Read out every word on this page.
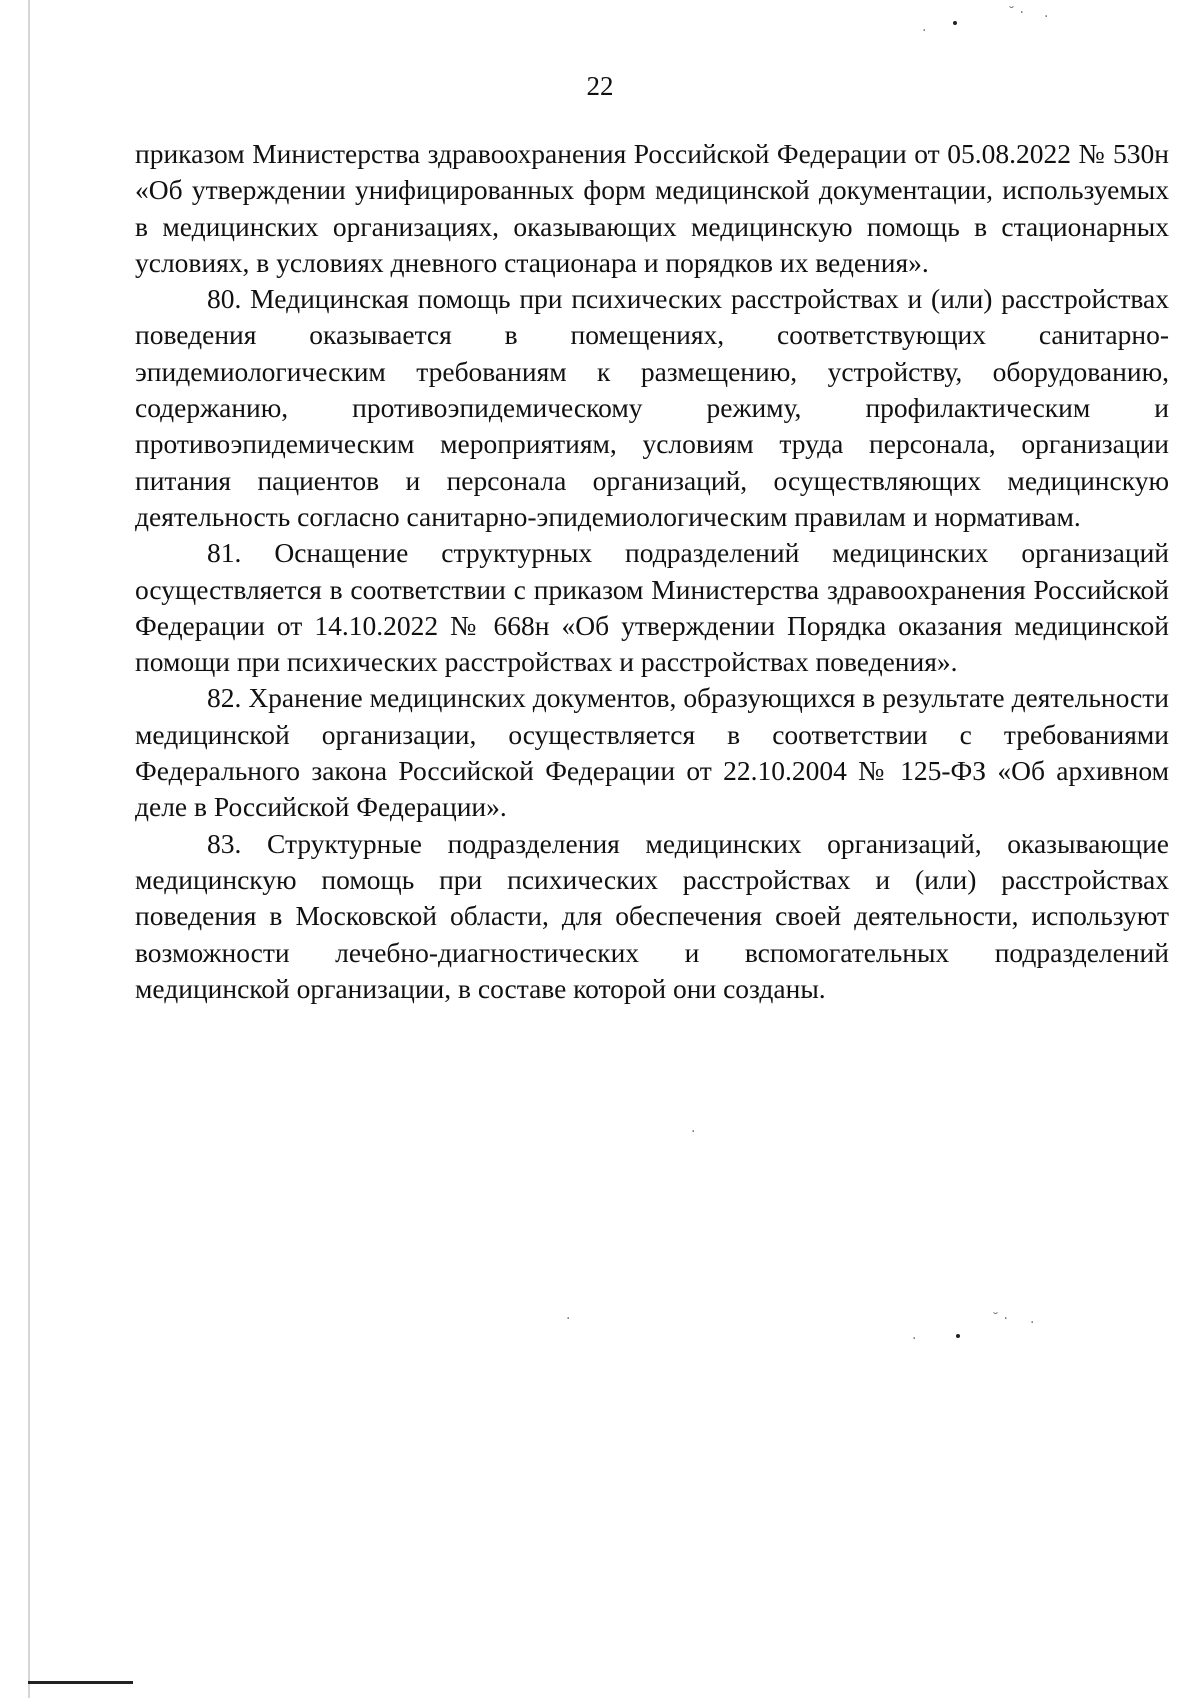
·
˘ · ·
·
˘ · ·
·
·
22

приказом Министерства здравоохранения Российской Федерации от 05.08.2022 № 530н «Об утверждении унифицированных форм медицинской документации, используемых в медицинских организациях, оказывающих медицинскую помощь в стационарных условиях, в условиях дневного стационара и порядков их ведения».

80. Медицинская помощь при психических расстройствах и (или) расстройствах поведения оказывается в помещениях, соответствующих санитарно-эпидемиологическим требованиям к размещению, устройству, оборудованию, содержанию, противоэпидемическому режиму, профилактическим и противоэпидемическим мероприятиям, условиям труда персонала, организации питания пациентов и персонала организаций, осуществляющих медицинскую деятельность согласно санитарно-эпидемиологическим правилам и нормативам.

81. Оснащение структурных подразделений медицинских организаций осуществляется в соответствии с приказом Министерства здравоохранения Российской Федерации от 14.10.2022 № 668н «Об утверждении Порядка оказания медицинской помощи при психических расстройствах и расстройствах поведения».

82. Хранение медицинских документов, образующихся в результате деятельности медицинской организации, осуществляется в соответствии с требованиями Федерального закона Российской Федерации от 22.10.2004 № 125-ФЗ «Об архивном деле в Российской Федерации».

83. Структурные подразделения медицинских организаций, оказывающие медицинскую помощь при психических расстройствах и (или) расстройствах поведения в Московской области, для обеспечения своей деятельности, используют возможности лечебно-диагностических и вспомогательных подразделений медицинской организации, в составе которой они созданы.
